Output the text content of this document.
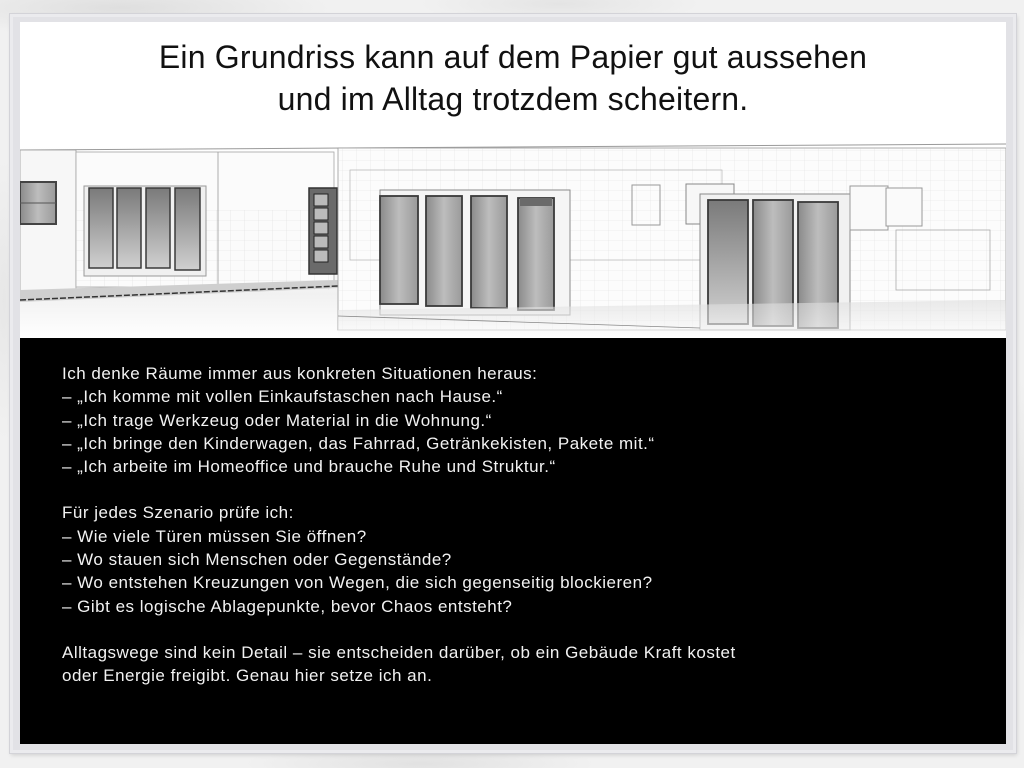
Ein Grundriss kann auf dem Papier gut aussehen
und im Alltag trotzdem scheitern.
Ich denke Räume immer aus konkreten Situationen heraus:
– „Ich komme mit vollen Einkaufstaschen nach Hause.“
– „Ich trage Werkzeug oder Material in die Wohnung.“
– „Ich bringe den Kinderwagen, das Fahrrad, Getränkekisten, Pakete mit.“
– „Ich arbeite im Homeoffice und brauche Ruhe und Struktur.“
Für jedes Szenario prüfe ich:
– Wie viele Türen müssen Sie öffnen?
– Wo stauen sich Menschen oder Gegenstände?
– Wo entstehen Kreuzungen von Wegen, die sich gegenseitig blockieren?
– Gibt es logische Ablagepunkte, bevor Chaos entsteht?
Alltagswege sind kein Detail – sie entscheiden darüber, ob ein Gebäude Kraft kostet
oder Energie freigibt. Genau hier setze ich an.
